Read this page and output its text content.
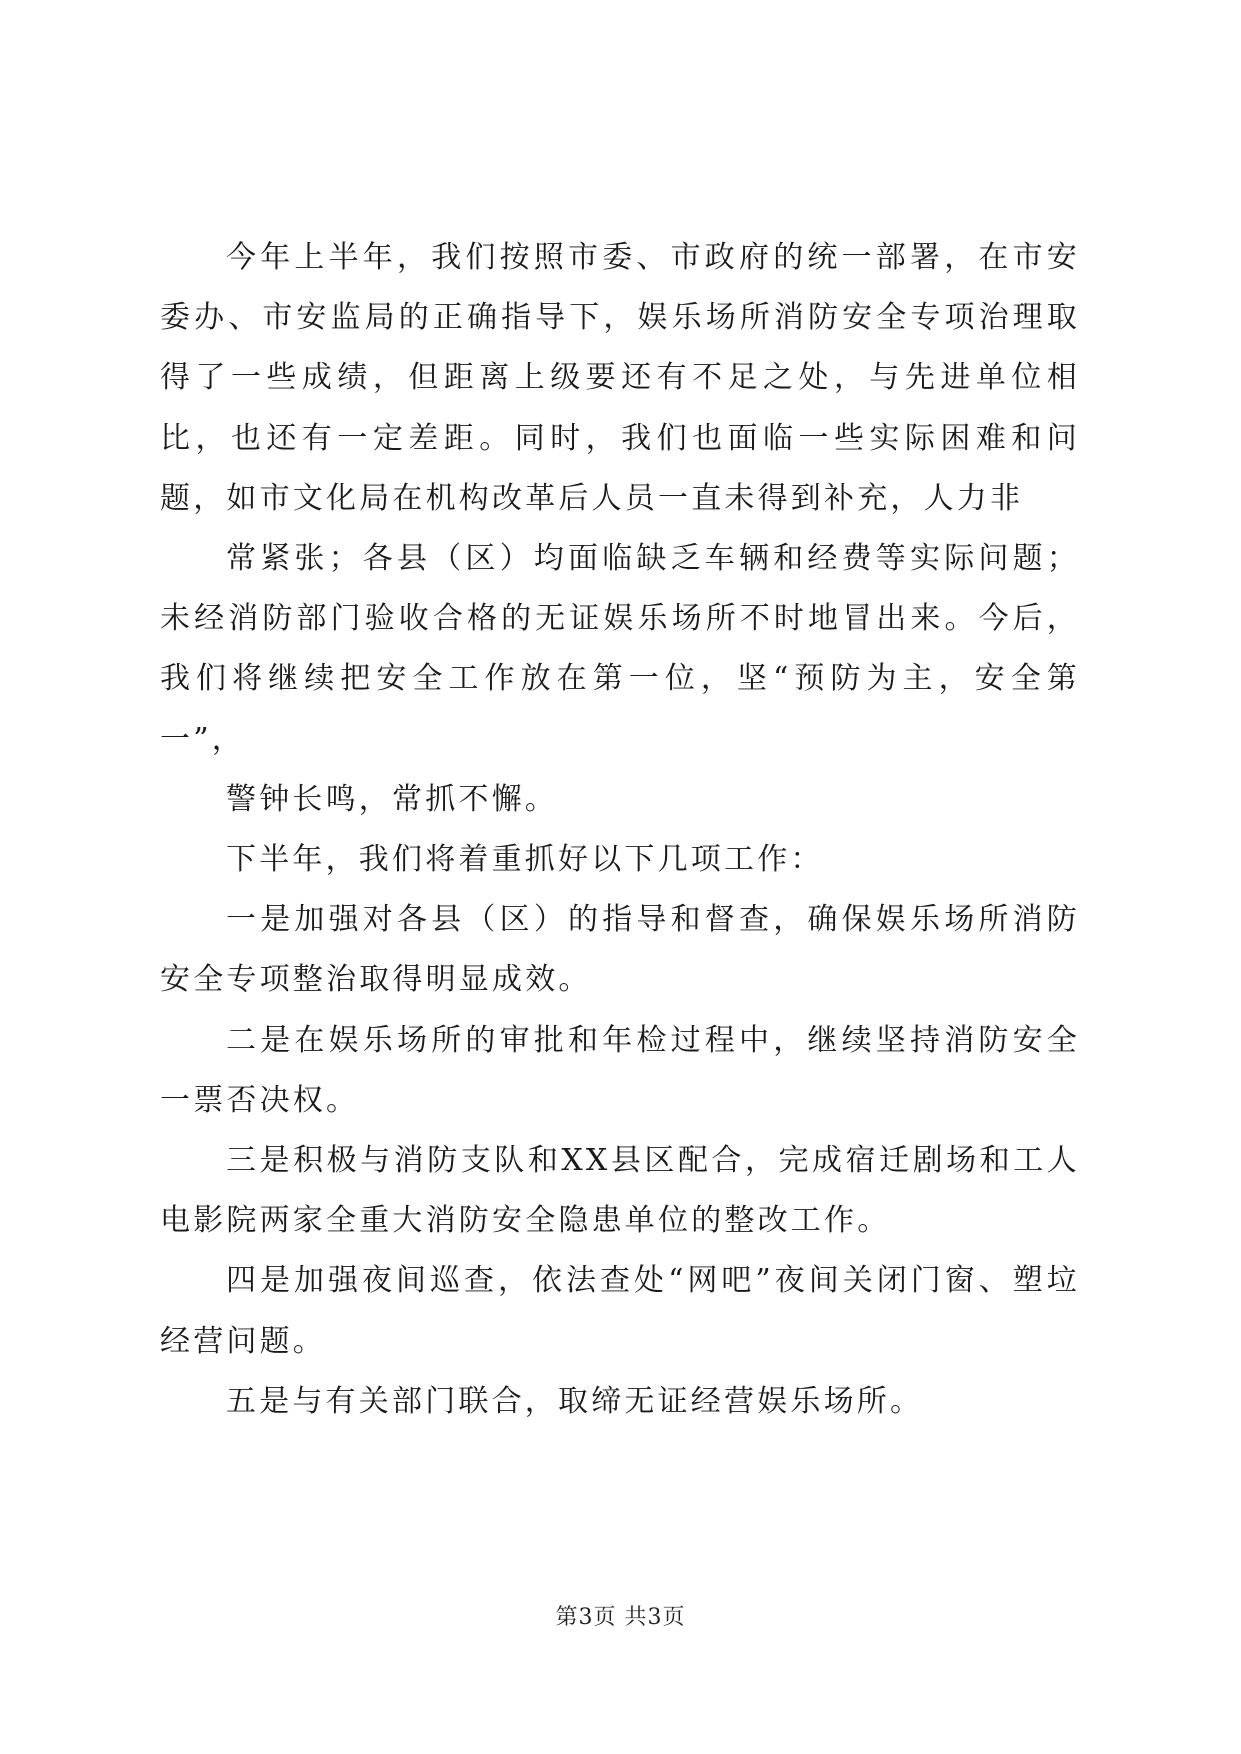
今年上半年，我们按照市委、市政府的统一部署，在市安委办、市安监局的正确指导下，娱乐场所消防安全专项治理取得了一些成绩，但距离上级要还有不足之处，与先进单位相比，也还有一定差距。同时，我们也面临一些实际困难和问题，如市文化局在机构改革后人员一直未得到补充，人力非

常紧张；各县（区）均面临缺乏车辆和经费等实际问题；未经消防部门验收合格的无证娱乐场所不时地冒出来。今后，我们将继续把安全工作放在第一位，坚“预防为主，安全第一”，

警钟长鸣，常抓不懈。

下半年，我们将着重抓好以下几项工作：

一是加强对各县（区）的指导和督查，确保娱乐场所消防安全专项整治取得明显成效。

二是在娱乐场所的审批和年检过程中，继续坚持消防安全一票否决权。

三是积极与消防支队和XX县区配合，完成宿迁剧场和工人电影院两家全重大消防安全隐患单位的整改工作。

四是加强夜间巡查，依法查处“网吧”夜间关闭门窗、塑垃经营问题。

五是与有关部门联合，取缔无证经营娱乐场所。

第3页 共3页
